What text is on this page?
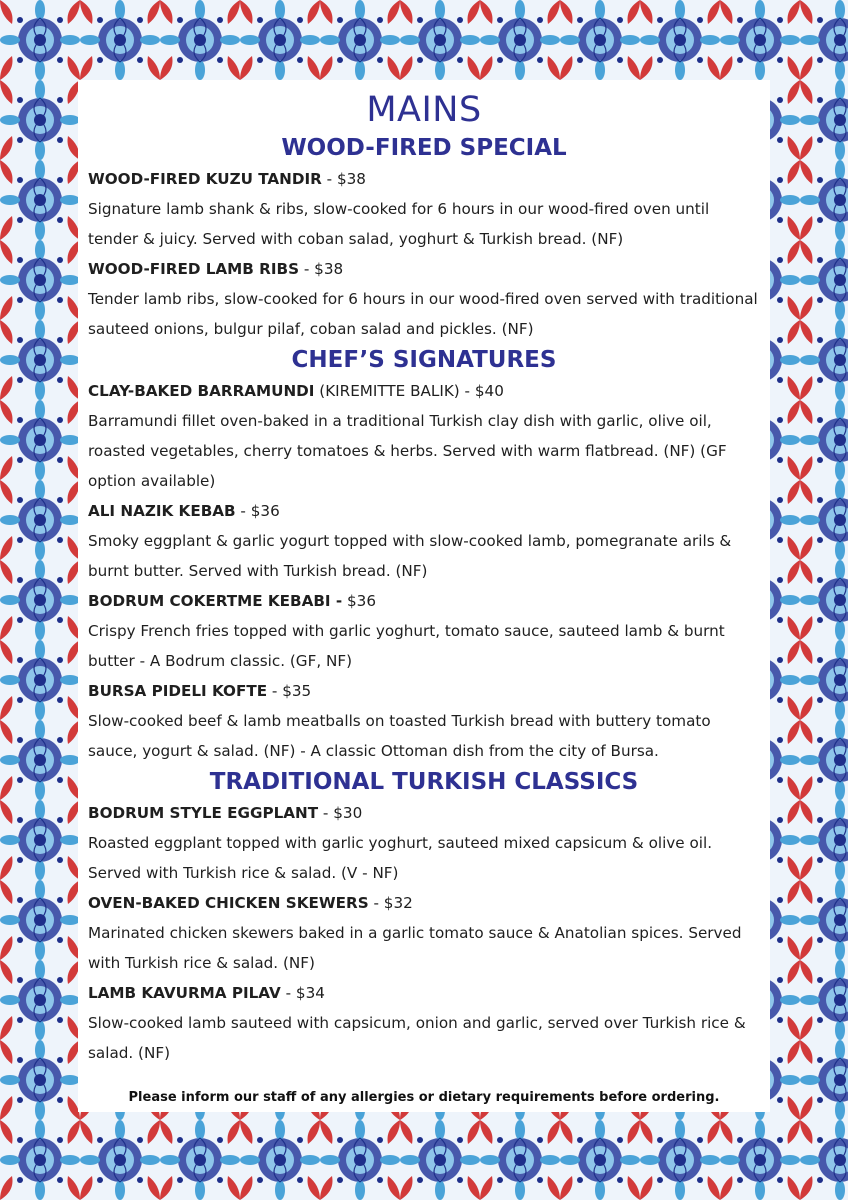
MAINS
WOOD-FIRED SPECIAL
WOOD-FIRED KUZU TANDIR - $38
Signature lamb shank & ribs, slow-cooked for 6 hours in our wood-fired oven until tender & juicy. Served with coban salad, yoghurt & Turkish bread. (NF)
WOOD-FIRED LAMB RIBS - $38
Tender lamb ribs, slow-cooked for 6 hours in our wood-fired oven served with traditional sauteed onions, bulgur pilaf, coban salad and pickles. (NF)
CHEF’S SIGNATURES
CLAY-BAKED BARRAMUNDI (KIREMITTE BALIK) - $40
Barramundi fillet oven-baked in a traditional Turkish clay dish with garlic, olive oil, roasted vegetables, cherry tomatoes & herbs. Served with warm flatbread. (NF) (GF option available)
ALI NAZIK KEBAB - $36
Smoky eggplant & garlic yogurt topped with slow-cooked lamb, pomegranate arils & burnt butter. Served with Turkish bread. (NF)
BODRUM COKERTME KEBABI - $36
Crispy French fries topped with garlic yoghurt, tomato sauce, sauteed lamb & burnt butter - A Bodrum classic. (GF, NF)
BURSA PIDELI KOFTE - $35
Slow-cooked beef & lamb meatballs on toasted Turkish bread with buttery tomato sauce, yogurt & salad. (NF) - A classic Ottoman dish from the city of Bursa.
TRADITIONAL TURKISH CLASSICS
BODRUM STYLE EGGPLANT - $30
Roasted eggplant topped with garlic yoghurt, sauteed mixed capsicum & olive oil. Served with Turkish rice & salad. (V - NF)
OVEN-BAKED CHICKEN SKEWERS - $32
Marinated chicken skewers baked in a garlic tomato sauce & Anatolian spices. Served with Turkish rice & salad. (NF)
LAMB KAVURMA PILAV - $34
Slow-cooked lamb sauteed with capsicum, onion and garlic, served over Turkish rice & salad. (NF)
Please inform our staff of any allergies or dietary requirements before ordering.
